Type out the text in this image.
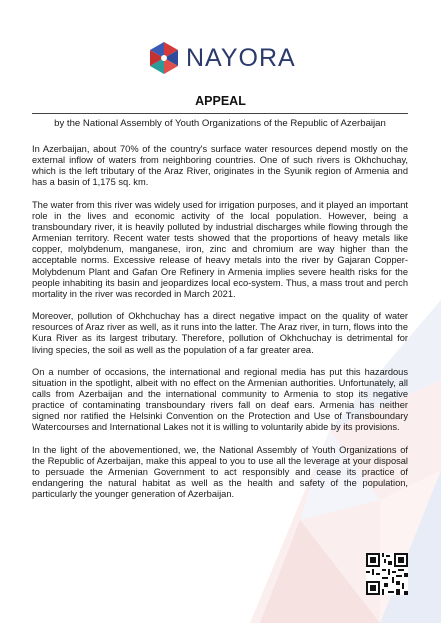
NAYORA
APPEAL
by the National Assembly of Youth Organizations of the Republic of Azerbaijan

In Azerbaijan, about 70% of the country's surface water resources depend mostly on the external inflow of waters from neighboring countries. One of such rivers is Okhchuchay, which is the left tributary of the Araz River, originates in the Syunik region of Armenia and has a basin of 1,175 sq. km.

The water from this river was widely used for irrigation purposes, and it played an important role in the lives and economic activity of the local population. However, being a transboundary river, it is heavily polluted by industrial discharges while flowing through the Armenian territory. Recent water tests showed that the proportions of heavy metals like copper, molybdenum, manganese, iron, zinc and chromium are way higher than the acceptable norms. Excessive release of heavy metals into the river by Gajaran Copper-Molybdenum Plant and Gafan Ore Refinery in Armenia implies severe health risks for the people inhabiting its basin and jeopardizes local eco-system. Thus, a mass trout and perch mortality in the river was recorded in March 2021.

Moreover, pollution of Okhchuchay has a direct negative impact on the quality of water resources of Araz river as well, as it runs into the latter. The Araz river, in turn, flows into the Kura River as its largest tributary. Therefore, pollution of Okhchuchay is detrimental for living species, the soil as well as the population of a far greater area.

On a number of occasions, the international and regional media has put this hazardous situation in the spotlight, albeit with no effect on the Armenian authorities. Unfortunately, all calls from Azerbaijan and the international community to Armenia to stop its negative practice of contaminating transboundary rivers fall on deaf ears. Armenia has neither signed nor ratified the Helsinki Convention on the Protection and Use of Transboundary Watercourses and International Lakes not it is willing to voluntarily abide by its provisions.

In the light of the abovementioned, we, the National Assembly of Youth Organizations of the Republic of Azerbaijan, make this appeal to you to use all the leverage at your disposal to persuade the Armenian Government to act responsibly and cease its practice of endangering the natural habitat as well as the health and safety of the population, particularly the younger generation of Azerbaijan.
